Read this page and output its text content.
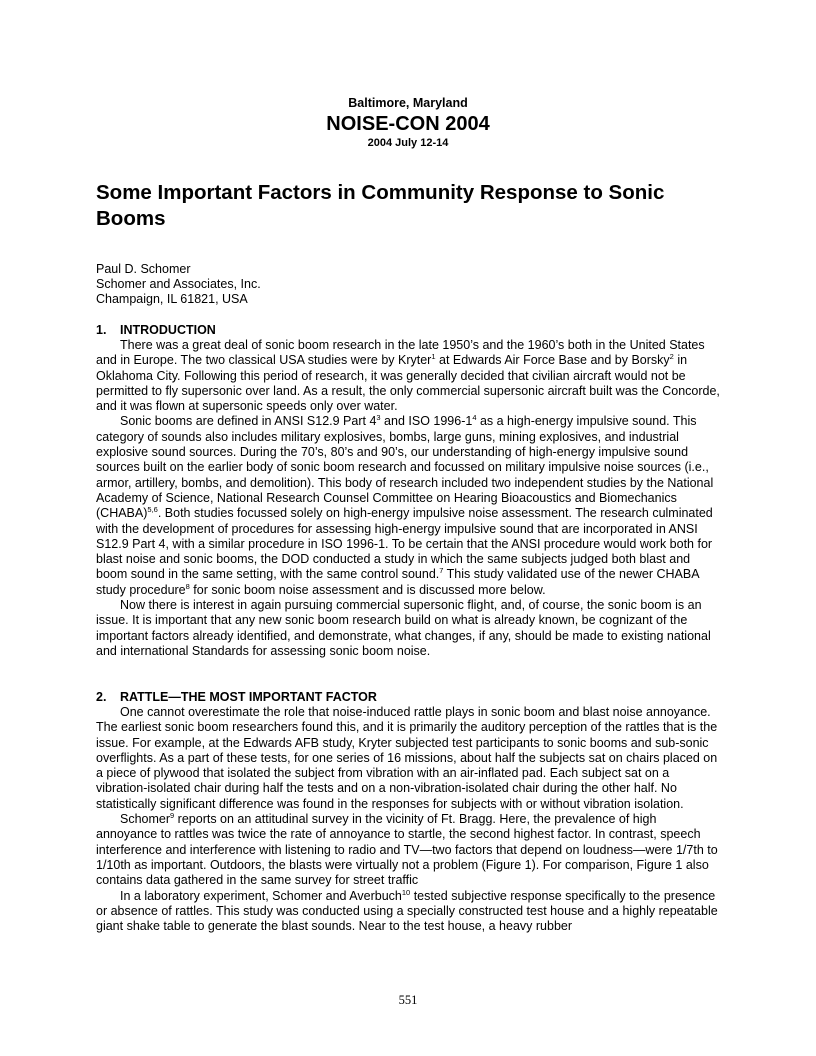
Baltimore, Maryland
NOISE-CON 2004
2004 July 12-14
Some Important Factors in Community Response to Sonic Booms
Paul D. Schomer
Schomer and Associates, Inc.
Champaign, IL 61821, USA
1. INTRODUCTION

There was a great deal of sonic boom research in the late 1950’s and the 1960’s both in the United States and in Europe. The two classical USA studies were by Kryter$^1$ at Edwards Air Force Base and by Borsky$^2$ in Oklahoma City. Following this period of research, it was generally decided that civilian aircraft would not be permitted to fly supersonic over land. As a result, the only commercial supersonic aircraft built was the Concorde, and it was flown at supersonic speeds only over water.

Sonic booms are defined in ANSI S12.9 Part $4^3$ and ISO $1996-1^4$ as a high-energy impulsive sound. This category of sounds also includes military explosives, bombs, large guns, mining explosives, and industrial explosive sound sources. During the 70’s, 80’s and 90’s, our understanding of high-energy impulsive sound sources built on the earlier body of sonic boom research and focussed on military impulsive noise sources (i.e., armor, artillery, bombs, and demolition). This body of research included two independent studies by the National Academy of Science, National Research Counsel Committee on Hearing Bioacoustics and Biomechanics (CHABA)$^{5,6}$. Both studies focussed solely on high-energy impulsive noise assessment. The research culminated with the development of procedures for assessing high-energy impulsive sound that are incorporated in ANSI S12.9 Part 4, with a similar procedure in ISO 1996-1. To be certain that the ANSI procedure would work both for blast noise and sonic booms, the DOD conducted a study in which the same subjects judged both blast and boom sound in the same setting, with the same control sound.$^7$ This study validated use of the newer CHABA study procedure$^8$ for sonic boom noise assessment and is discussed more below.

Now there is interest in again pursuing commercial supersonic flight, and, of course, the sonic boom is an issue. It is important that any new sonic boom research build on what is already known, be cognizant of the important factors already identified, and demonstrate, what changes, if any, should be made to existing national and international Standards for assessing sonic boom noise.

2. RATTLE—THE MOST IMPORTANT FACTOR

One cannot overestimate the role that noise-induced rattle plays in sonic boom and blast noise annoyance. The earliest sonic boom researchers found this, and it is primarily the auditory perception of the rattles that is the issue. For example, at the Edwards AFB study, Kryter subjected test participants to sonic booms and sub-sonic overflights. As a part of these tests, for one series of 16 missions, about half the subjects sat on chairs placed on a piece of plywood that isolated the subject from vibration with an air-inflated pad. Each subject sat on a vibration-isolated chair during half the tests and on a non-vibration-isolated chair during the other half. No statistically significant difference was found in the responses for subjects with or without vibration isolation.

Schomer$^9$ reports on an attitudinal survey in the vicinity of Ft. Bragg. Here, the prevalence of high annoyance to rattles was twice the rate of annoyance to startle, the second highest factor. In contrast, speech interference and interference with listening to radio and TV—two factors that depend on loudness—were 1/7th to 1/10th as important. Outdoors, the blasts were virtually not a problem (Figure 1). For comparison, Figure 1 also contains data gathered in the same survey for street traffic

In a laboratory experiment, Schomer and Averbuch$^{10}$ tested subjective response specifically to the presence or absence of rattles. This study was conducted using a specially constructed test house and a highly repeatable giant shake table to generate the blast sounds. Near to the test house, a heavy rubber

551
